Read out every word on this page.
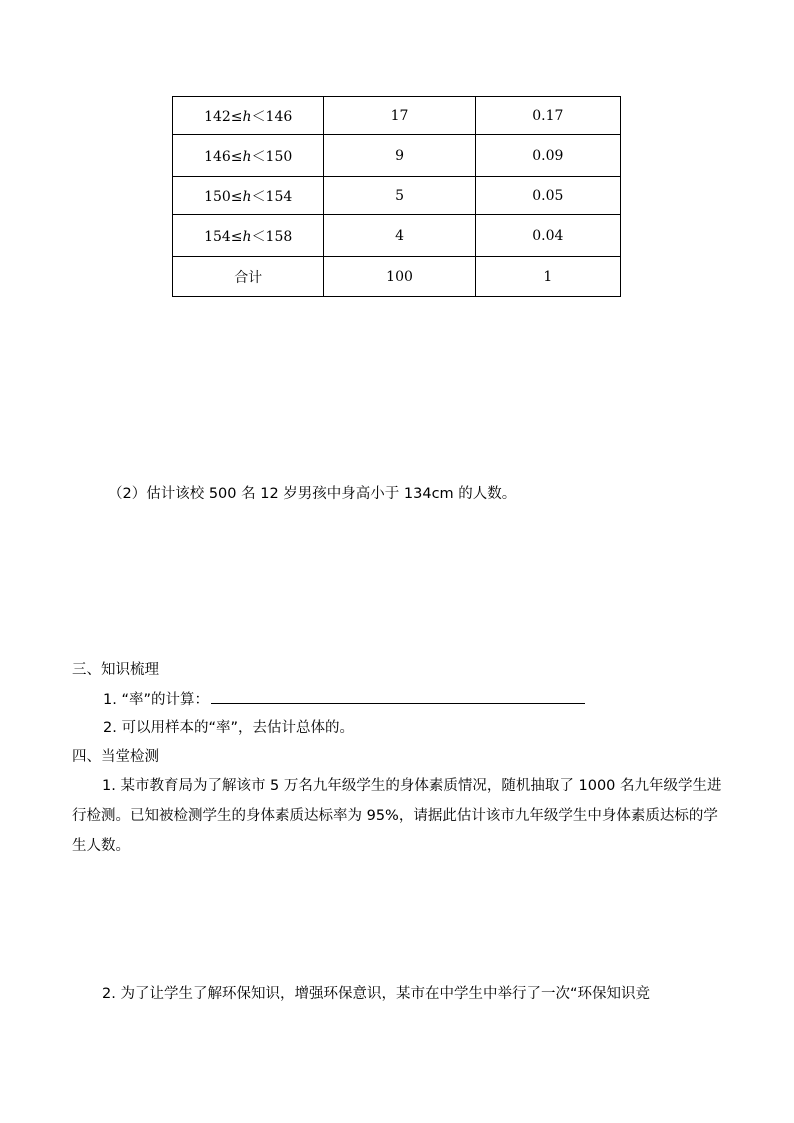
142≤h＜146	17	0.17
146≤h＜150	9	0.09
150≤h＜154	5	0.05
154≤h＜158	4	0.04
合计	100	1
（2）估计该校 500 名 12 岁男孩中身高小于 134cm 的人数。
三、知识梳理
1. “率”的计算：
2. 可以用样本的“率”，去估计总体的。
四、当堂检测
1. 某市教育局为了解该市 5 万名九年级学生的身体素质情况，随机抽取了 1000 名九年级学生进行检测。已知被检测学生的身体素质达标率为 95%，请据此估计该市九年级学生中身体素质达标的学生人数。
2. 为了让学生了解环保知识，增强环保意识，某市在中学生中举行了一次“环保知识竞
